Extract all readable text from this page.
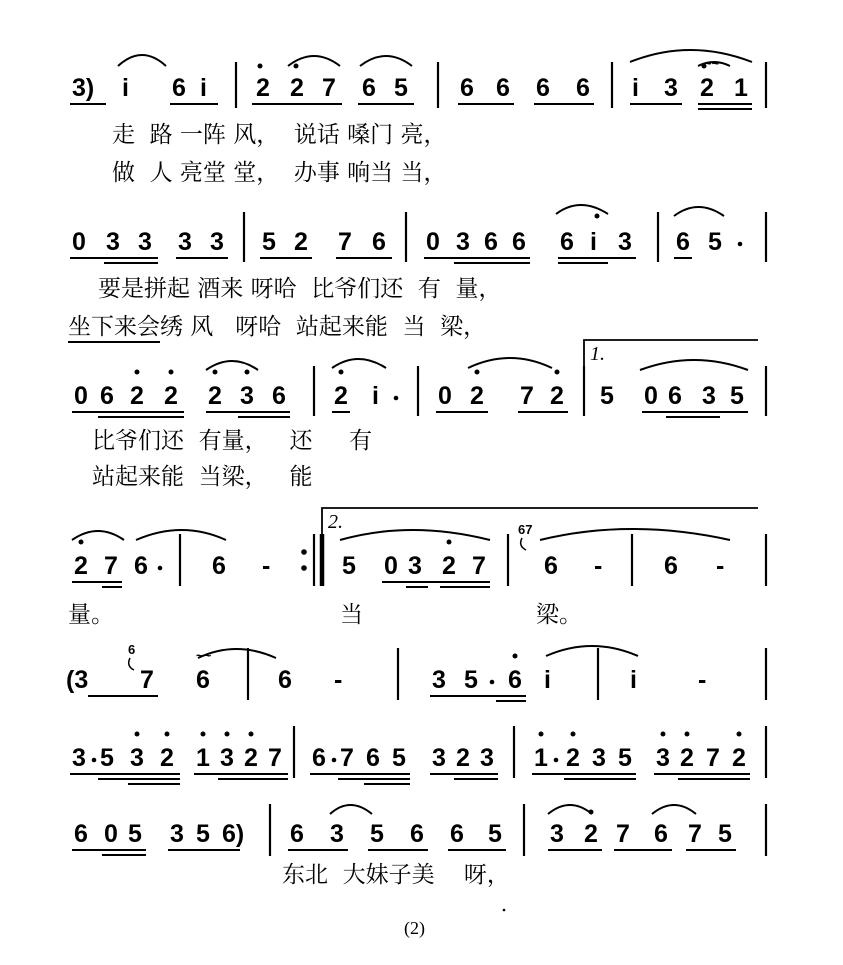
3) i 6 i 2 2 7 6 5 6 6 6 6 i 3 2 1
~~
走  路 一阵 风，  说话 嗓门 亮，
做  人 亮堂 堂，  办事 响当 当，
0 3 3 3 3 5 2 7 6 0 3 6 6 6 i 3 6 5
要是拼起 酒来 呀哈  比爷们还  有  量，
坐下来会绣 风   呀哈  站起来能  当  梁，
1.
0 6 2 2 2 3 6 2 i 0 2 7 2 5 0 6 3 5
比爷们还  有量，   还     有
站起来能  当梁，   能
2 7 6	6 -
2.
5 0 3 2 7
67
6 - 6 -
量。	当	梁。
(3
6
7 6
~~
6 -	3 5 6 i	i -
3 5 3 2 1 3 2 7 6 7 6 5 3 2 3 1 2 3 5 3 2 7 2
6 0 5 3 5 6) 6 3 5 6 6 5 3 2 7 6 7 5
东北  大妹子美    呀，
(2)
